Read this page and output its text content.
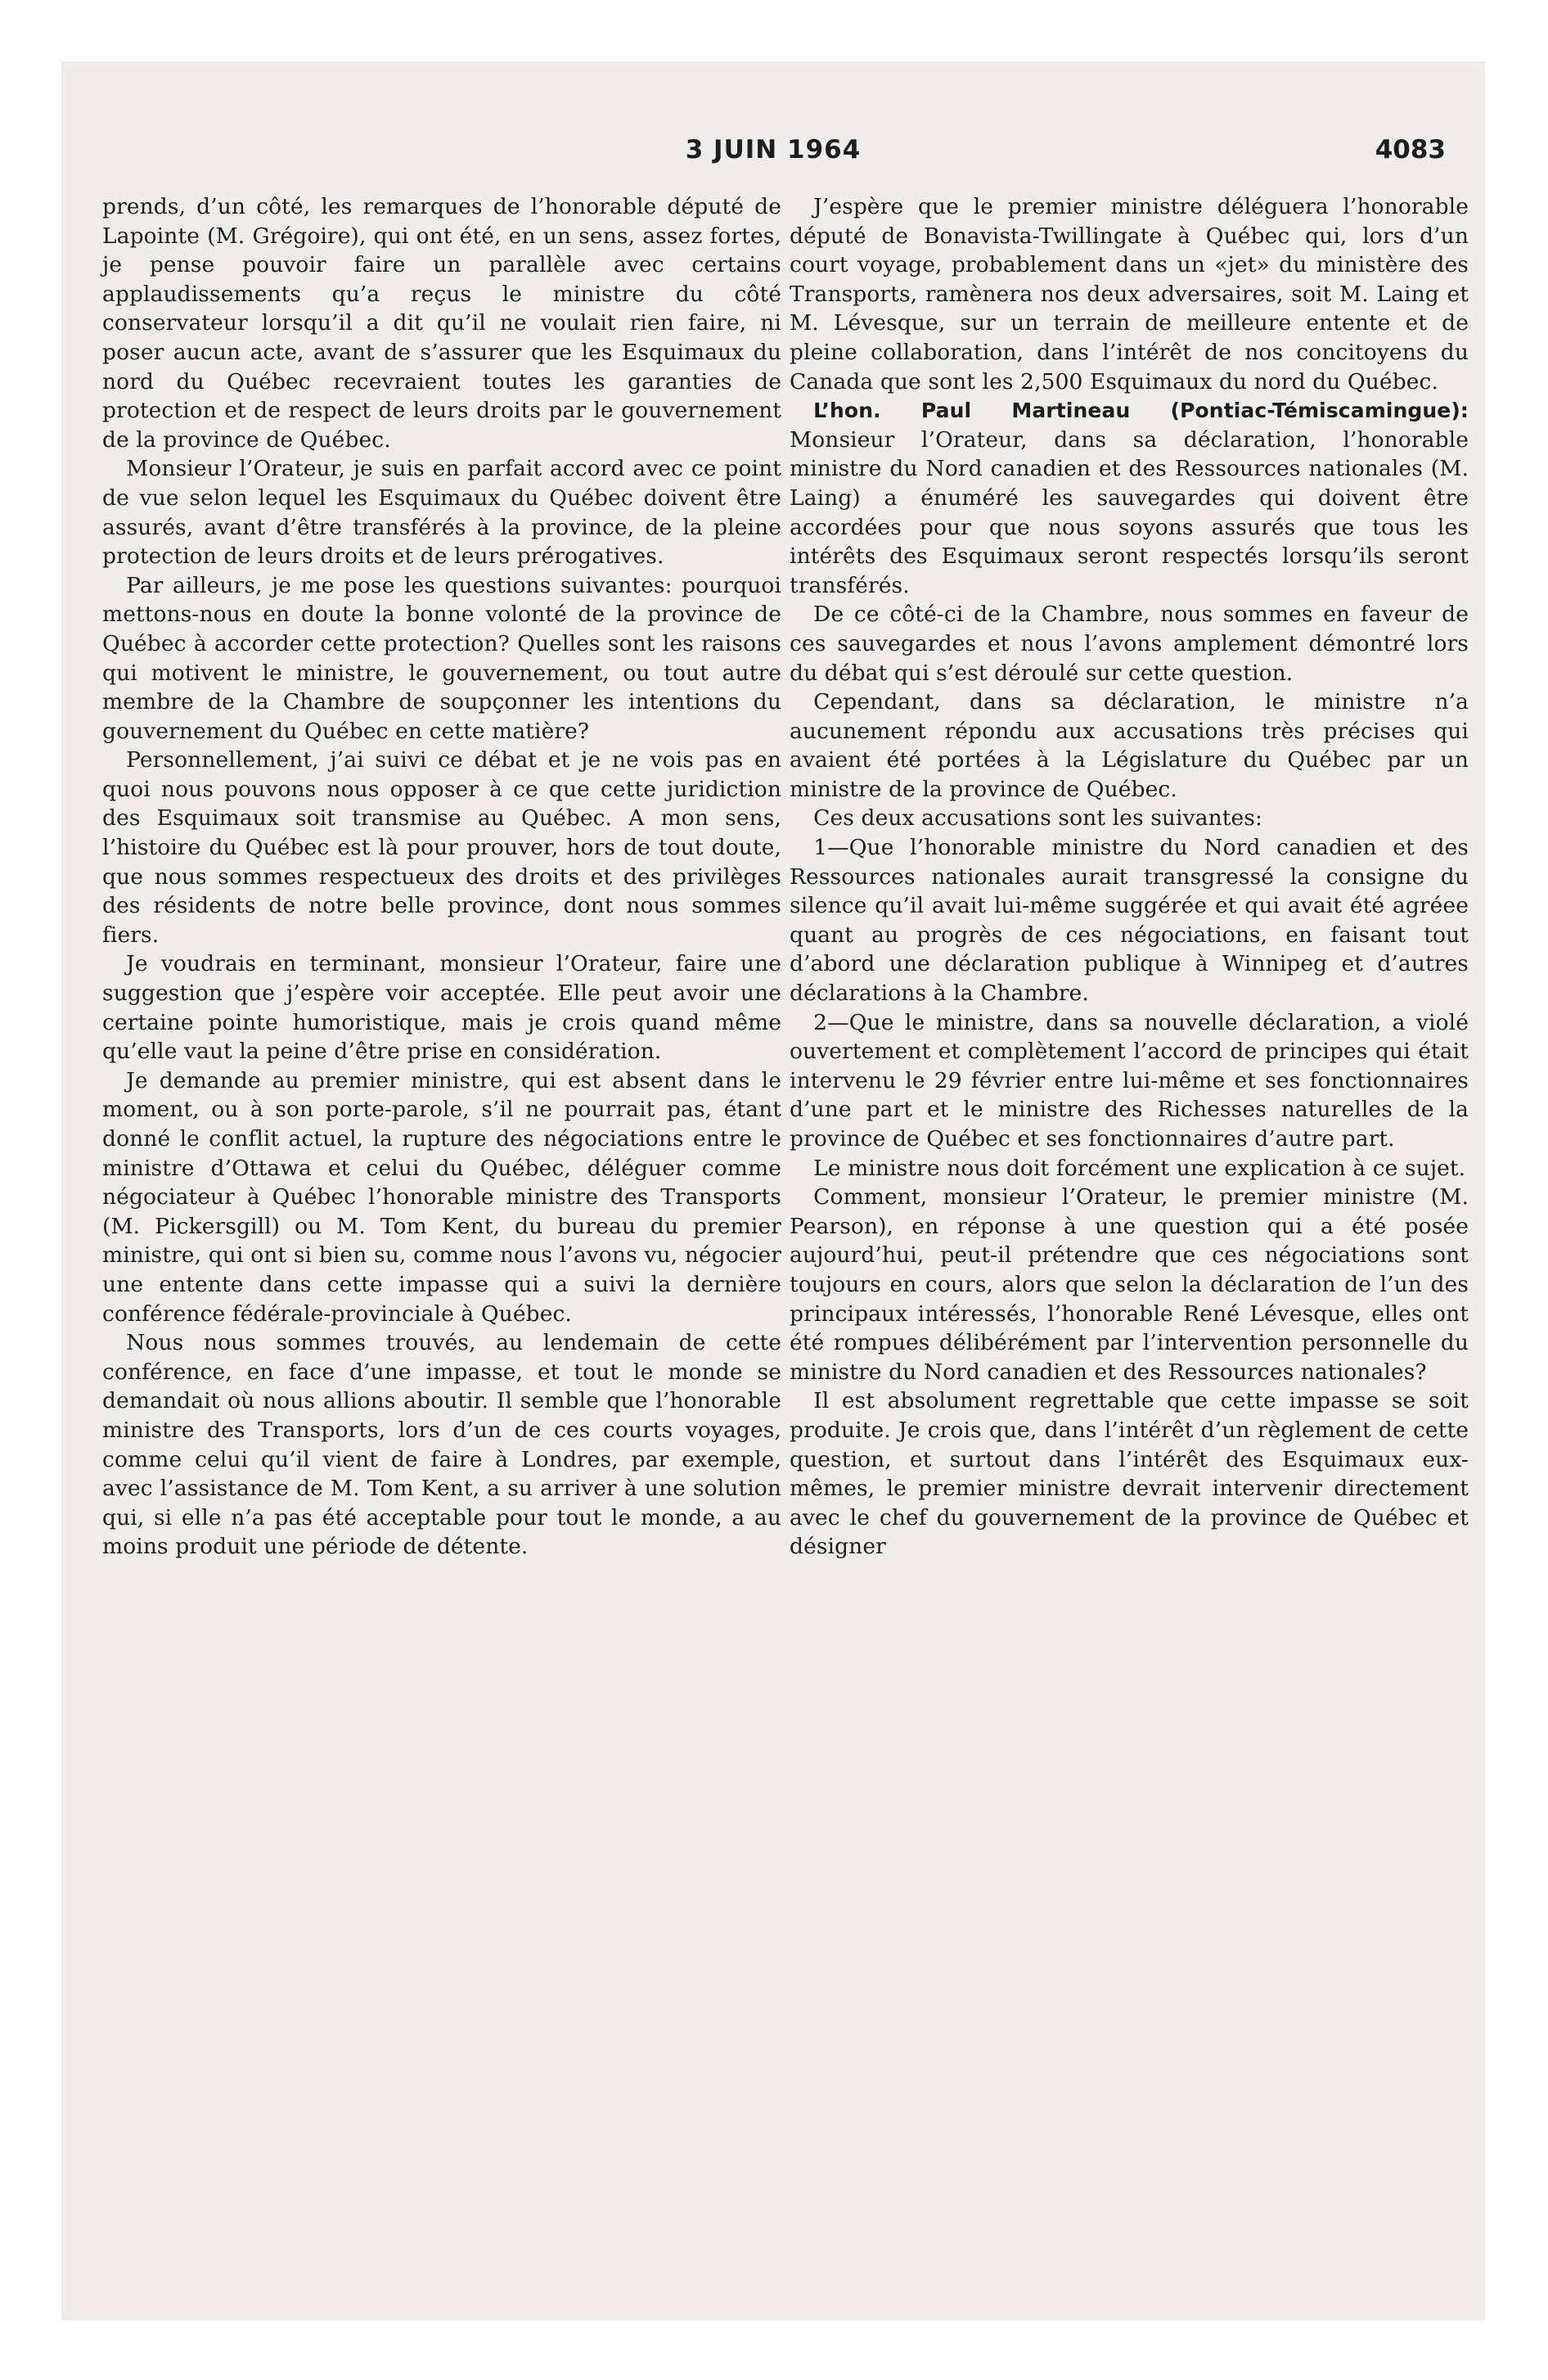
3 JUIN 1964	4083

prends, d’un côté, les remarques de l’honorable député de Lapointe (M. Grégoire), qui ont été, en un sens, assez fortes, je pense pouvoir faire un parallèle avec certains applaudissements qu’a reçus le ministre du côté conservateur lorsqu’il a dit qu’il ne voulait rien faire, ni poser aucun acte, avant de s’assurer que les Esquimaux du nord du Québec recevraient toutes les garanties de protection et de respect de leurs droits par le gouvernement de la province de Québec.

Monsieur l’Orateur, je suis en parfait accord avec ce point de vue selon lequel les Esquimaux du Québec doivent être assurés, avant d’être transférés à la province, de la pleine protection de leurs droits et de leurs prérogatives.

Par ailleurs, je me pose les questions suivantes: pourquoi mettons-nous en doute la bonne volonté de la province de Québec à accorder cette protection? Quelles sont les raisons qui motivent le ministre, le gouvernement, ou tout autre membre de la Chambre de soupçonner les intentions du gouvernement du Québec en cette matière?

Personnellement, j’ai suivi ce débat et je ne vois pas en quoi nous pouvons nous opposer à ce que cette juridiction des Esquimaux soit transmise au Québec. A mon sens, l’histoire du Québec est là pour prouver, hors de tout doute, que nous sommes respectueux des droits et des privilèges des résidents de notre belle province, dont nous sommes fiers.

Je voudrais en terminant, monsieur l’Orateur, faire une suggestion que j’espère voir acceptée. Elle peut avoir une certaine pointe humoristique, mais je crois quand même qu’elle vaut la peine d’être prise en considération.

Je demande au premier ministre, qui est absent dans le moment, ou à son porte-parole, s’il ne pourrait pas, étant donné le conflit actuel, la rupture des négociations entre le ministre d’Ottawa et celui du Québec, déléguer comme négociateur à Québec l’honorable ministre des Transports (M. Pickersgill) ou M. Tom Kent, du bureau du premier ministre, qui ont si bien su, comme nous l’avons vu, négocier une entente dans cette impasse qui a suivi la dernière conférence fédérale-provinciale à Québec.

Nous nous sommes trouvés, au lendemain de cette conférence, en face d’une impasse, et tout le monde se demandait où nous allions aboutir. Il semble que l’honorable ministre des Transports, lors d’un de ces courts voyages, comme celui qu’il vient de faire à Londres, par exemple, avec l’assistance de M. Tom Kent, a su arriver à une solution qui, si elle n’a pas été acceptable pour tout le monde, a au moins produit une période de détente.

J’espère que le premier ministre déléguera l’honorable député de Bonavista-Twillingate à Québec qui, lors d’un court voyage, probablement dans un «jet» du ministère des Transports, ramènera nos deux adversaires, soit M. Laing et M. Lévesque, sur un terrain de meilleure entente et de pleine collaboration, dans l’intérêt de nos concitoyens du Canada que sont les 2,500 Esquimaux du nord du Québec.

L’hon. Paul Martineau (Pontiac-Témiscamingue): Monsieur l’Orateur, dans sa déclaration, l’honorable ministre du Nord canadien et des Ressources nationales (M. Laing) a énuméré les sauvegardes qui doivent être accordées pour que nous soyons assurés que tous les intérêts des Esquimaux seront respectés lorsqu’ils seront transférés.

De ce côté-ci de la Chambre, nous sommes en faveur de ces sauvegardes et nous l’avons amplement démontré lors du débat qui s’est déroulé sur cette question.

Cependant, dans sa déclaration, le ministre n’a aucunement répondu aux accusations très précises qui avaient été portées à la Législature du Québec par un ministre de la province de Québec.

Ces deux accusations sont les suivantes:

1—Que l’honorable ministre du Nord canadien et des Ressources nationales aurait transgressé la consigne du silence qu’il avait lui-même suggérée et qui avait été agréee quant au progrès de ces négociations, en faisant tout d’abord une déclaration publique à Winnipeg et d’autres déclarations à la Chambre.

2—Que le ministre, dans sa nouvelle déclaration, a violé ouvertement et complètement l’accord de principes qui était intervenu le 29 février entre lui-même et ses fonctionnaires d’une part et le ministre des Richesses naturelles de la province de Québec et ses fonctionnaires d’autre part.

Le ministre nous doit forcément une explication à ce sujet.

Comment, monsieur l’Orateur, le premier ministre (M. Pearson), en réponse à une question qui a été posée aujourd’hui, peut-il prétendre que ces négociations sont toujours en cours, alors que selon la déclaration de l’un des principaux intéressés, l’honorable René Lévesque, elles ont été rompues délibérément par l’intervention personnelle du ministre du Nord canadien et des Ressources nationales?

Il est absolument regrettable que cette impasse se soit produite. Je crois que, dans l’intérêt d’un règlement de cette question, et surtout dans l’intérêt des Esquimaux eux-mêmes, le premier ministre devrait intervenir directement avec le chef du gouvernement de la province de Québec et désigner
